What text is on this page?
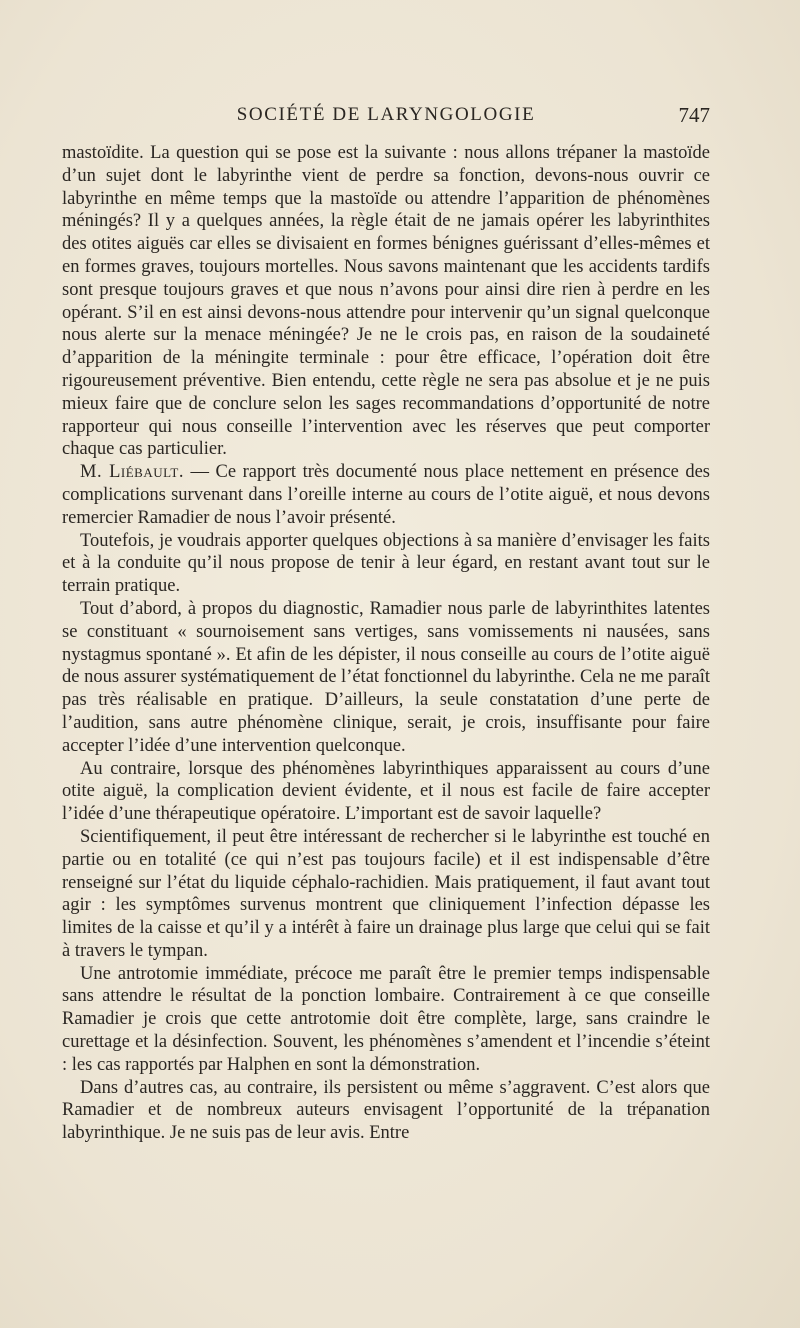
SOCIÉTÉ DE LARYNGOLOGIE	747

mastoïdite. La question qui se pose est la suivante : nous allons trépaner la mastoïde d’un sujet dont le labyrinthe vient de perdre sa fonction, devons-nous ouvrir ce labyrinthe en même temps que la mastoïde ou attendre l’apparition de phénomènes méningés? Il y a quelques années, la règle était de ne jamais opérer les labyrinthites des otites aiguës car elles se divisaient en formes bénignes guérissant d’elles-mêmes et en formes graves, toujours mortelles. Nous savons maintenant que les accidents tardifs sont presque toujours graves et que nous n’avons pour ainsi dire rien à perdre en les opérant. S’il en est ainsi devons-nous attendre pour intervenir qu’un signal quelconque nous alerte sur la menace méningée? Je ne le crois pas, en raison de la soudaineté d’apparition de la méningite terminale : pour être efficace, l’opération doit être rigoureusement préventive. Bien entendu, cette règle ne sera pas absolue et je ne puis mieux faire que de conclure selon les sages recommandations d’opportunité de notre rapporteur qui nous conseille l’intervention avec les réserves que peut comporter chaque cas particulier.

M. Liébault. — Ce rapport très documenté nous place nettement en présence des complications survenant dans l’oreille interne au cours de l’otite aiguë, et nous devons remercier Ramadier de nous l’avoir présenté.

Toutefois, je voudrais apporter quelques objections à sa manière d’envisager les faits et à la conduite qu’il nous propose de tenir à leur égard, en restant avant tout sur le terrain pratique.

Tout d’abord, à propos du diagnostic, Ramadier nous parle de labyrinthites latentes se constituant « sournoisement sans vertiges, sans vomissements ni nausées, sans nystagmus spontané ». Et afin de les dépister, il nous conseille au cours de l’otite aiguë de nous assurer systématiquement de l’état fonctionnel du labyrinthe. Cela ne me paraît pas très réalisable en pratique. D’ailleurs, la seule constatation d’une perte de l’audition, sans autre phénomène clinique, serait, je crois, insuffisante pour faire accepter l’idée d’une intervention quelconque.

Au contraire, lorsque des phénomènes labyrinthiques apparaissent au cours d’une otite aiguë, la complication devient évidente, et il nous est facile de faire accepter l’idée d’une thérapeutique opératoire. L’important est de savoir laquelle?

Scientifiquement, il peut être intéressant de rechercher si le labyrinthe est touché en partie ou en totalité (ce qui n’est pas toujours facile) et il est indispensable d’être renseigné sur l’état du liquide céphalo-rachidien. Mais pratiquement, il faut avant tout agir : les symptômes survenus montrent que cliniquement l’infection dépasse les limites de la caisse et qu’il y a intérêt à faire un drainage plus large que celui qui se fait à travers le tympan.

Une antrotomie immédiate, précoce me paraît être le premier temps indispensable sans attendre le résultat de la ponction lombaire. Contrairement à ce que conseille Ramadier je crois que cette antrotomie doit être complète, large, sans craindre le curettage et la désinfection. Souvent, les phénomènes s’amendent et l’incendie s’éteint : les cas rapportés par Halphen en sont la démonstration.

Dans d’autres cas, au contraire, ils persistent ou même s’aggravent. C’est alors que Ramadier et de nombreux auteurs envisagent l’opportunité de la trépanation labyrinthique. Je ne suis pas de leur avis. Entre
